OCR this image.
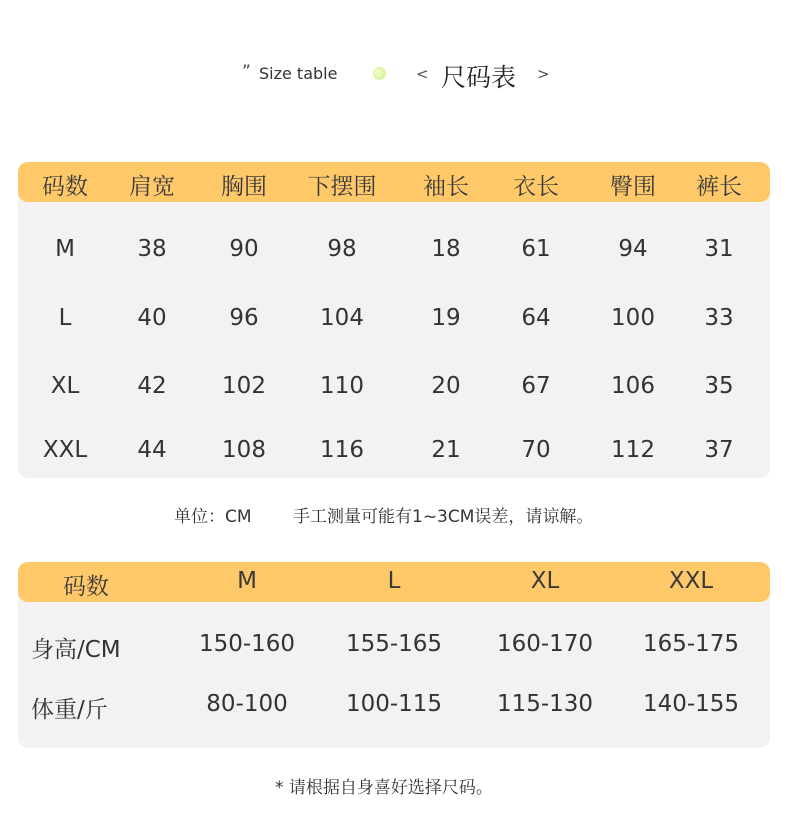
” Size table	< 尺码表 >
码数 肩宽 胸围 下摆围 袖长 衣长 臀围 裤长
M	38	90	98	18	61	94 31
L	40	96	104	19	64	100 33
XL	42 102 110	20	67	106 35
XXL 44 108 116	21	70	112 37
单位：CM 手工测量可能有1~3CM误差，请谅解。
码数	M	L	XL	XXL
身高/CM	150-160 155-165 160-170 165-175
体重/斤	80-100	100-115 115-130 140-155
* 请根据自身喜好选择尺码。
